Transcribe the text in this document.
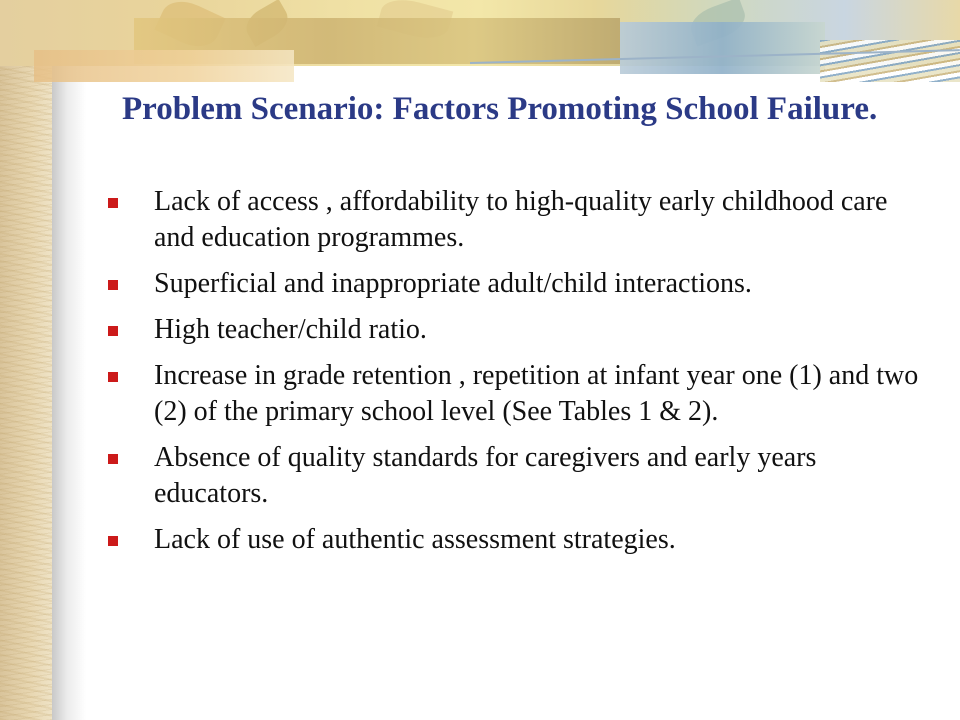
Problem Scenario: Factors Promoting School Failure.
Lack of access , affordability to high-quality early childhood care and education programmes.
Superficial and inappropriate adult/child interactions.
High teacher/child ratio.
Increase in grade retention , repetition at infant year one (1) and two (2) of the primary school level (See Tables 1 & 2).
Absence of quality standards for caregivers and early years educators.
Lack of use of authentic assessment strategies.
